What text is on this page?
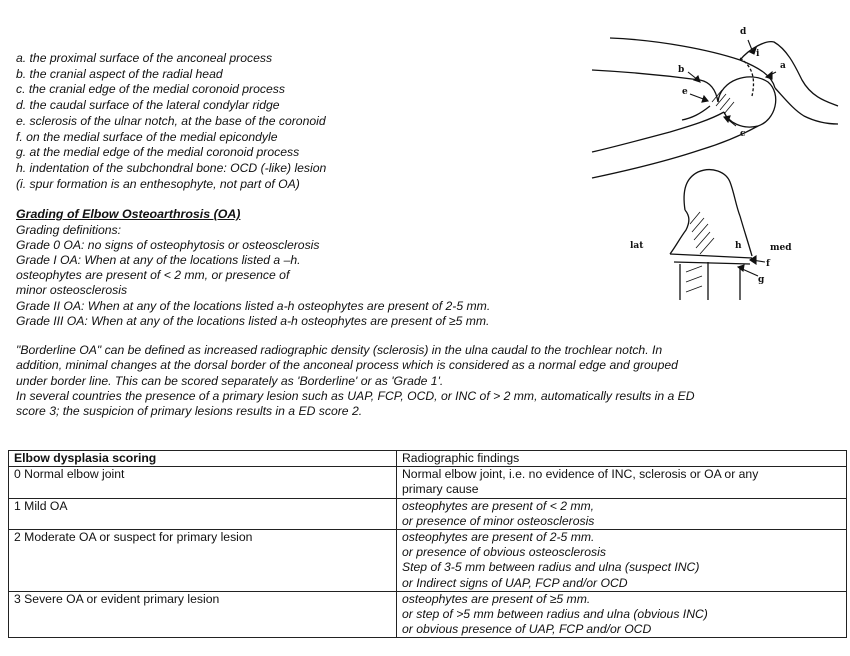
a. the proximal surface of the anconeal process
b. the cranial aspect of the radial head
c. the cranial edge of the medial coronoid process
d. the caudal surface of the lateral condylar ridge
e. sclerosis of the ulnar notch, at the base of the coronoid
f. on the medial surface of the medial epicondyle
g. at the medial edge of the medial coronoid process
h. indentation of the subchondral bone: OCD (-like) lesion
(i. spur formation is an enthesophyte, not part of OA)
Grading of Elbow Osteoarthrosis (OA)
Grading definitions:
Grade 0 OA: no signs of osteophytosis or osteosclerosis
Grade I OA: When at any of the locations listed a –h.
osteophytes are present of < 2 mm, or presence of
minor osteosclerosis
Grade II OA: When at any of the locations listed a-h osteophytes are present of 2-5 mm.
Grade III OA: When at any of the locations listed a-h osteophytes are present of ≥5 mm.

"Borderline OA" can be defined as increased radiographic density (sclerosis) in the ulna caudal to the trochlear notch. In

addition, minimal changes at the dorsal border of the anconeal process which is considered as a normal edge and grouped

under border line. This can be scored separately as 'Borderline' or as 'Grade 1'.

In several countries the presence of a primary lesion such as UAP, FCP, OCD, or INC of > 2 mm, automatically results in a ED

score 3; the suspicion of primary lesions results in a ED score 2.

d
i
a
b
e
c
lat	med
h
f
g
Elbow dysplasia scoring	Radiographic findings
0 Normal elbow joint	Normal elbow joint, i.e. no evidence of INC, sclerosis or OA or any
primary cause

1 Mild OA	osteophytes are present of < 2 mm,
or presence of minor osteosclerosis

2 Moderate OA or suspect for primary lesion	osteophytes are present of 2-5 mm.
or presence of obvious osteosclerosis
Step of 3-5 mm between radius and ulna (suspect INC)
or Indirect signs of UAP, FCP and/or OCD

3 Severe OA or evident primary lesion	osteophytes are present of ≥5 mm.
or step of >5 mm between radius and ulna (obvious INC)
or obvious presence of UAP, FCP and/or OCD
